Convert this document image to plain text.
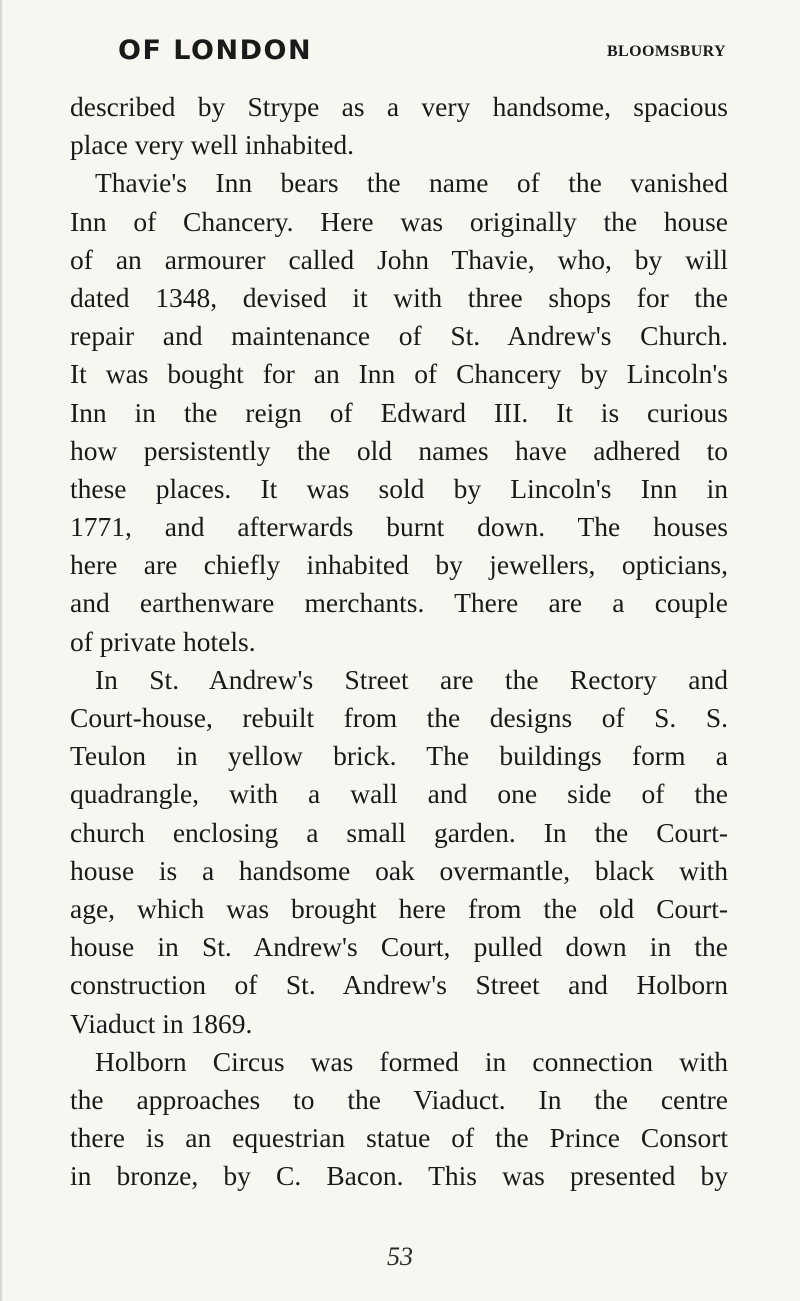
OF LONDON	BLOOMSBURY
described by Strype as a very handsome, spacious
place very well inhabited.
Thavie's Inn bears the name of the vanished
Inn of Chancery. Here was originally the house
of an armourer called John Thavie, who, by will
dated 1348, devised it with three shops for the
repair and maintenance of St. Andrew's Church.
It was bought for an Inn of Chancery by Lincoln's
Inn in the reign of Edward III. It is curious
how persistently the old names have adhered to
these places. It was sold by Lincoln's Inn in
1771, and afterwards burnt down. The houses
here are chiefly inhabited by jewellers, opticians,
and earthenware merchants. There are a couple
of private hotels.
In St. Andrew's Street are the Rectory and
Court-house, rebuilt from the designs of S. S.
Teulon in yellow brick. The buildings form a
quadrangle, with a wall and one side of the
church enclosing a small garden. In the Court-
house is a handsome oak overmantle, black with
age, which was brought here from the old Court-
house in St. Andrew's Court, pulled down in the
construction of St. Andrew's Street and Holborn
Viaduct in 1869.
Holborn Circus was formed in connection with
the approaches to the Viaduct. In the centre
there is an equestrian statue of the Prince Consort
in bronze, by C. Bacon. This was presented by
53
